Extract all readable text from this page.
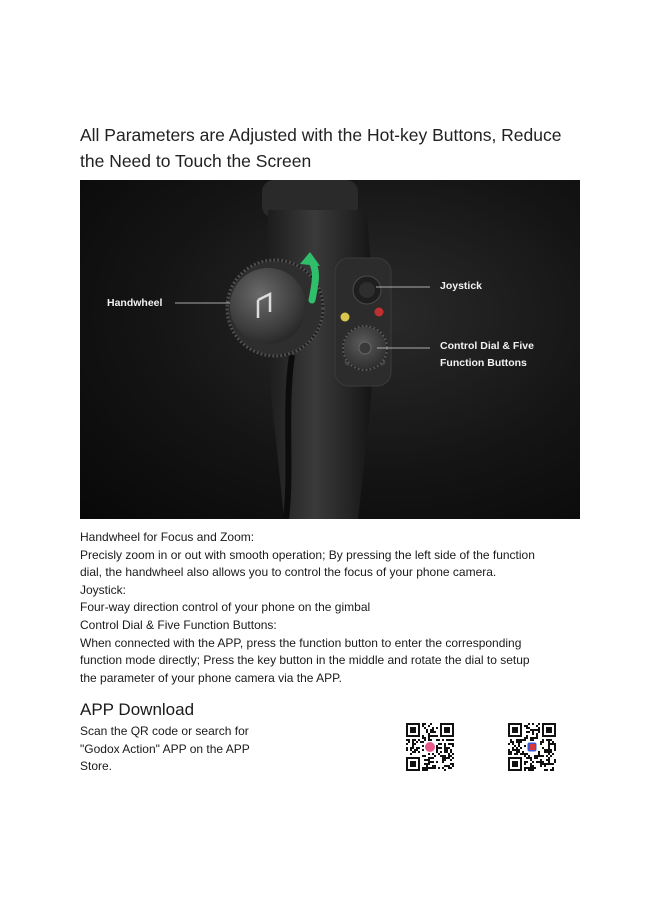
All Parameters are Adjusted with the Hot-key Buttons, Reduce
the Need to Touch the Screen
Handwheel
Joystick
Control Dial & Five
Function Buttons
Handwheel for Focus and Zoom:
Precisly zoom in or out with smooth operation; By pressing the left side of the function
dial, the handwheel also allows you to control the focus of your phone camera.
Joystick:
Four-way direction control of your phone on the gimbal
Control Dial & Five Function Buttons:
When connected with the APP, press the function button to enter the corresponding
function mode directly; Press the key button in the middle and rotate the dial to setup
the parameter of your phone camera via the APP.
APP Download
Scan the QR code or search for
"Godox Action" APP on the APP
Store.
